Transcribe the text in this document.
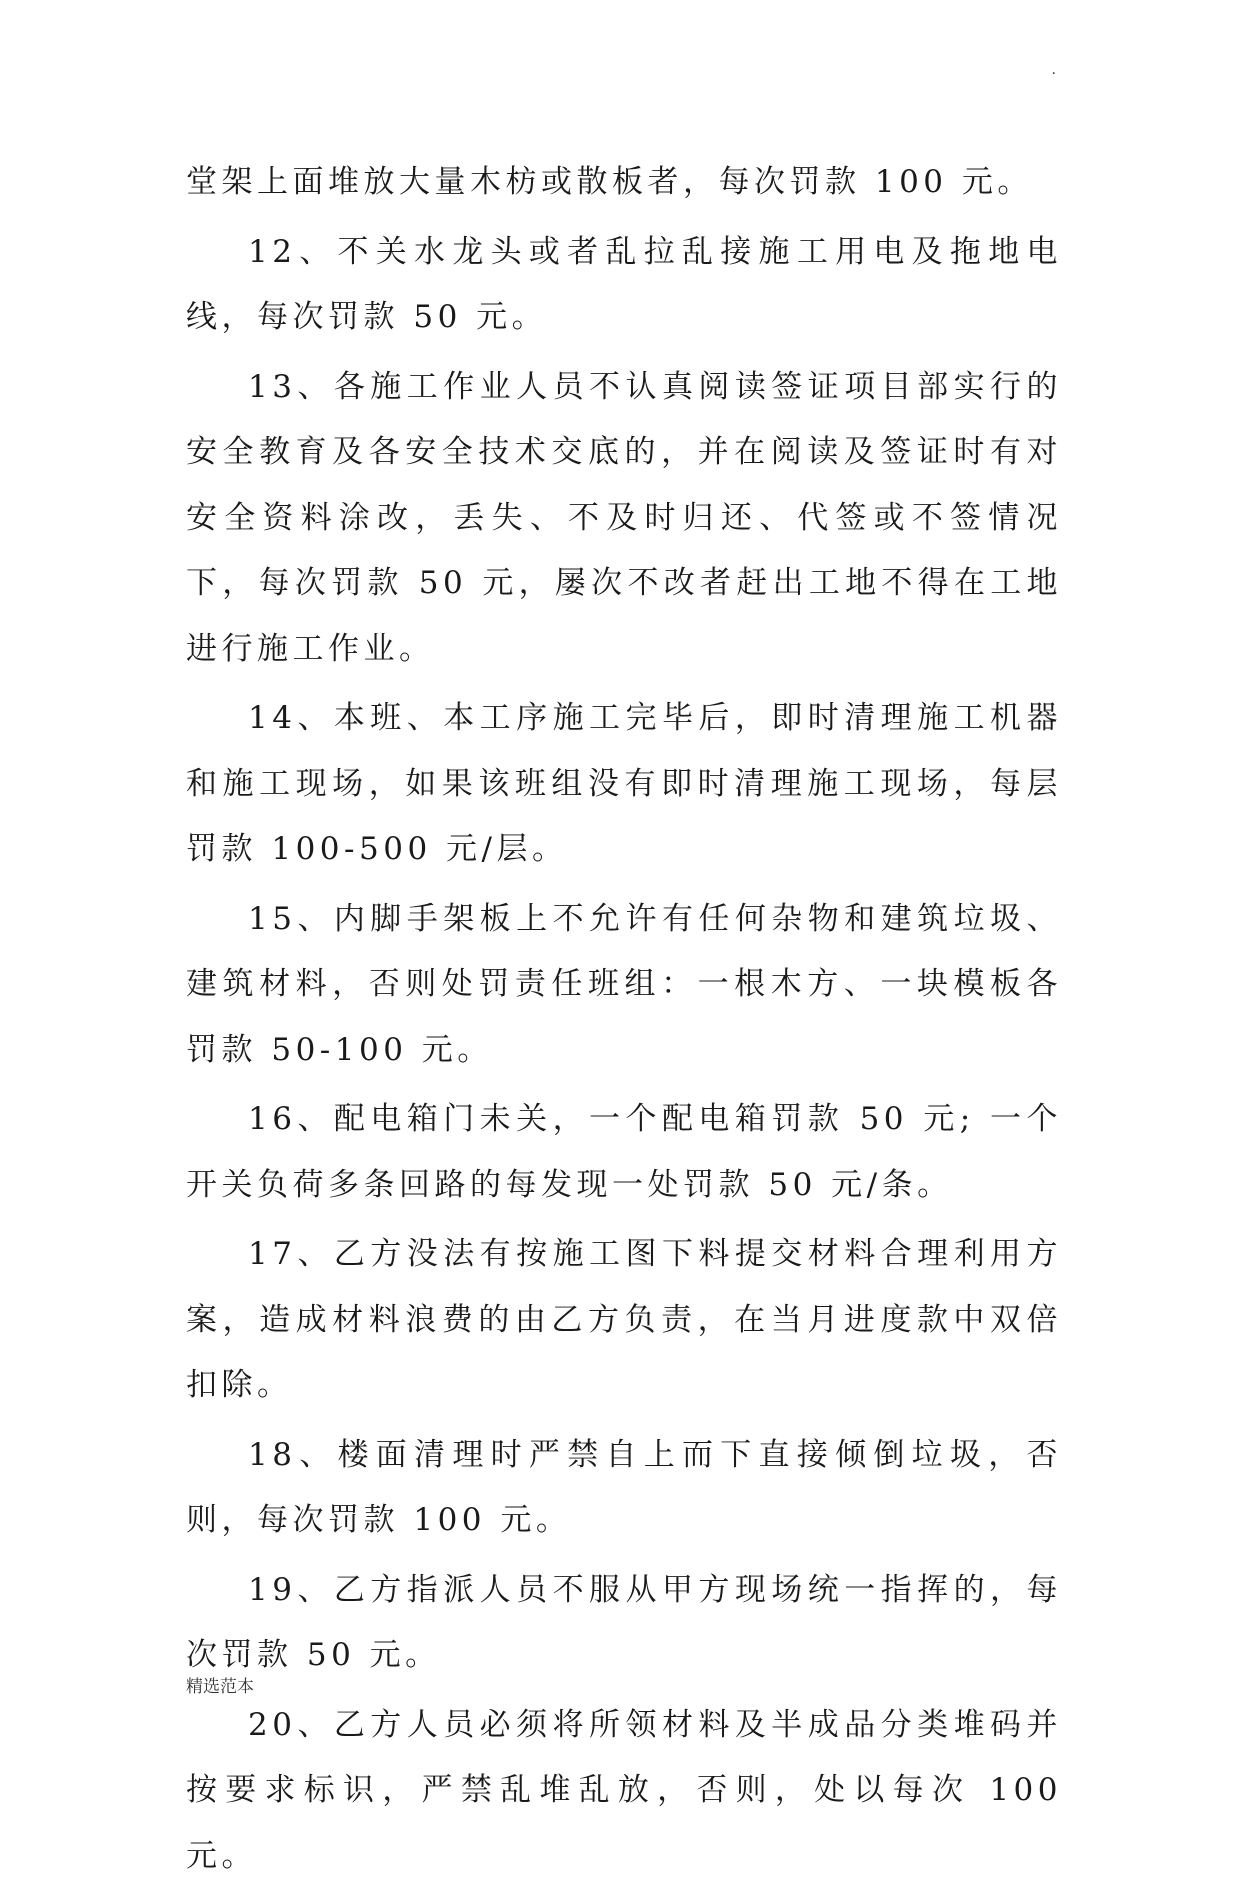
.

堂架上面堆放大量木枋或散板者，每次罚款 100 元。

12、不关水龙头或者乱拉乱接施工用电及拖地电线，每次罚款 50 元。

13、各施工作业人员不认真阅读签证项目部实行的安全教育及各安全技术交底的，并在阅读及签证时有对安全资料涂改，丢失、不及时归还、代签或不签情况下，每次罚款 50 元，屡次不改者赶出工地不得在工地进行施工作业。

14、本班、本工序施工完毕后，即时清理施工机器和施工现场，如果该班组没有即时清理施工现场，每层罚款 100-500 元/层。

15、内脚手架板上不允许有任何杂物和建筑垃圾、建筑材料，否则处罚责任班组：一根木方、一块模板各罚款 50-100 元。

16、配电箱门未关，一个配电箱罚款 50 元; 一个开关负荷多条回路的每发现一处罚款 50 元/条。

17、乙方没法有按施工图下料提交材料合理利用方案，造成材料浪费的由乙方负责，在当月进度款中双倍扣除。

18、楼面清理时严禁自上而下直接倾倒垃圾，否则，每次罚款 100 元。

19、乙方指派人员不服从甲方现场统一指挥的，每次罚款 50 元。

20、乙方人员必须将所领材料及半成品分类堆码并按要求标识，严禁乱堆乱放，否则，处以每次 100 元。

精选范本
